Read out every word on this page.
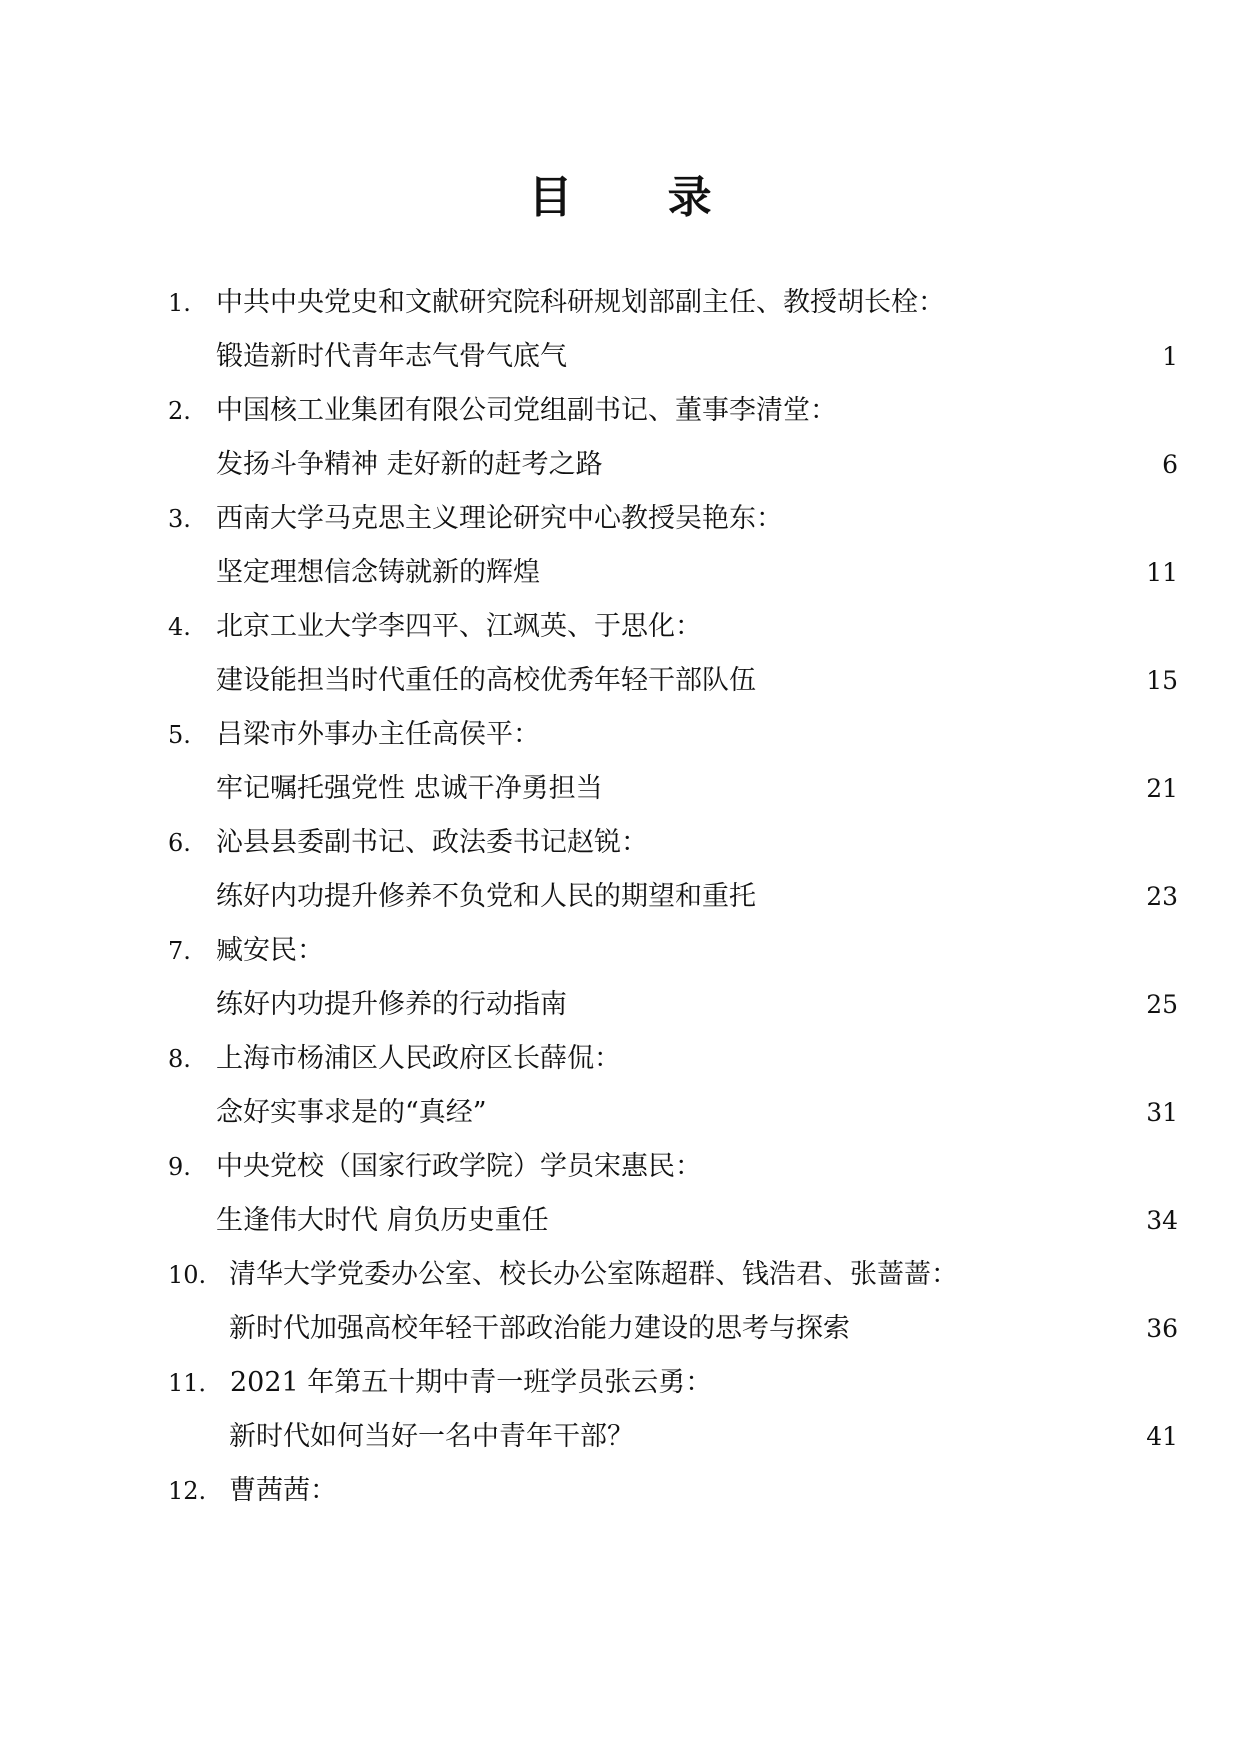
目 录
1. 中共中央党史和文献研究院科研规划部副主任、教授胡长栓：
锻造新时代青年志气骨气底气	1
2. 中国核工业集团有限公司党组副书记、董事李清堂：
发扬斗争精神 走好新的赶考之路	6
3. 西南大学马克思主义理论研究中心教授吴艳东：
坚定理想信念铸就新的辉煌	11
4. 北京工业大学李四平、江飒英、于思化：
建设能担当时代重任的高校优秀年轻干部队伍	15
5. 吕梁市外事办主任高侯平：
牢记嘱托强党性 忠诚干净勇担当	21
6. 沁县县委副书记、政法委书记赵锐：
练好内功提升修养不负党和人民的期望和重托	23
7. 臧安民：
练好内功提升修养的行动指南	25
8. 上海市杨浦区人民政府区长薛侃：
念好实事求是的“真经”	31
9. 中央党校（国家行政学院）学员宋惠民：
生逢伟大时代 肩负历史重任	34
10. 清华大学党委办公室、校长办公室陈超群、钱浩君、张蔷蔷：
新时代加强高校年轻干部政治能力建设的思考与探索	36
11． 2021 年第五十期中青一班学员张云勇：
新时代如何当好一名中青年干部？	41
12. 曹茜茜：
